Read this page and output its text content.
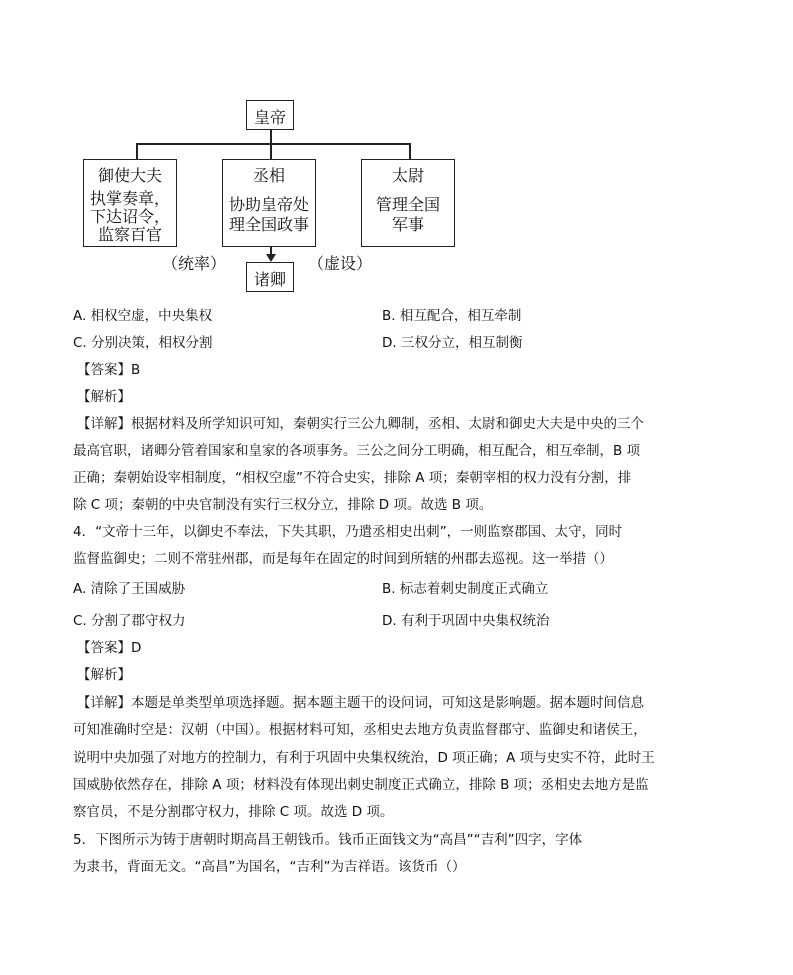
皇帝
御使大夫
执掌奏章，
下达诏令，
监察百官
丞相
协助皇帝处
理全国政事
太尉
管理全国
军事
诸卿
（统率）	（虚设）
A. 相权空虚，中央集权	B. 相互配合，相互牵制
C. 分别决策，相权分割	D. 三权分立，相互制衡
【答案】B
【解析】
【详解】根据材料及所学知识可知，秦朝实行三公九卿制，丞相、太尉和御史大夫是中央的三个
最高官职，诸卿分管着国家和皇家的各项事务。三公之间分工明确，相互配合，相互牵制，B 项
正确；秦朝始设宰相制度，“相权空虚”不符合史实，排除 A 项；秦朝宰相的权力没有分割，排
除 C 项；秦朝的中央官制没有实行三权分立，排除 D 项。故选 B 项。
4．“文帝十三年，以御史不奉法，下失其职，乃遣丞相史出刺”，一则监察郡国、太守，同时
监督监御史；二则不常驻州郡，而是每年在固定的时间到所辖的州郡去巡视。这一举措（）
A. 清除了王国威胁	B. 标志着刺史制度正式确立
C. 分割了郡守权力	D. 有利于巩固中央集权统治
【答案】D
【解析】
【详解】本题是单类型单项选择题。据本题主题干的设问词，可知这是影响题。据本题时间信息
可知准确时空是：汉朝（中国）。根据材料可知，丞相史去地方负责监督郡守、监御史和诸侯王，
说明中央加强了对地方的控制力，有利于巩固中央集权统治，D 项正确；A 项与史实不符，此时王
国威胁依然存在，排除 A 项；材料没有体现出刺史制度正式确立，排除 B 项；丞相史去地方是监
察官员，不是分割郡守权力，排除 C 项。故选 D 项。
5．下图所示为铸于唐朝时期高昌王朝钱币。钱币正面钱文为“高昌”“吉利”四字，字体
为隶书，背面无文。“高昌”为国名，“吉利”为吉祥语。该货币（）
